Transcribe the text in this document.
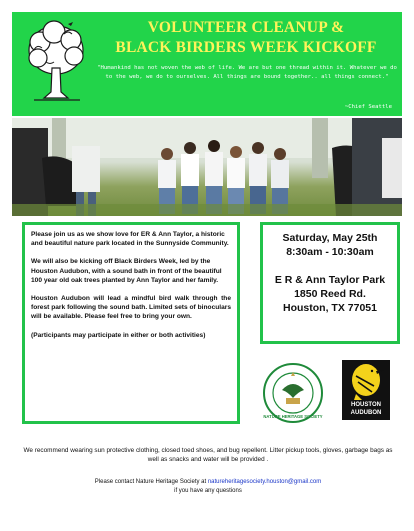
VOLUNTEER CLEANUP &
BLACK BIRDERS WEEK KICKOFF
"Humankind has not woven the web of life. We are but one thread within it. Whatever we do to the web, we do to ourselves. All things are bound together.. all things connect."
~Chief Seattle

Please join us as we show love for ER & Ann Taylor, a historic and beautiful nature park located in the Sunnyside Community.

We will also be kicking off Black Birders Week, led by the Houston Audubon, with a sound bath in front of the beautiful 100 year old oak trees planted by Ann Taylor and her family.

Houston Audubon will lead a mindful bird walk through the forest park following the sound bath. Limited sets of binoculars will be available. Please feel free to bring your own.

(Participants may participate in either or both activities)

Saturday, May 25th
8:30am - 10:30am
E R & Ann Taylor Park
1850 Reed Rd.
Houston, TX 77051
NATURE HERITAGE SOCIETY
HOUSTON
AUDUBON
We recommend wearing sun protective clothing, closed toed shoes, and bug repellent. Litter pickup tools, gloves, garbage bags as well as snacks and water will be provided .
Please contact Nature Heritage Society at natureheritagesociety.houston@gmail.com
if you have any questions
